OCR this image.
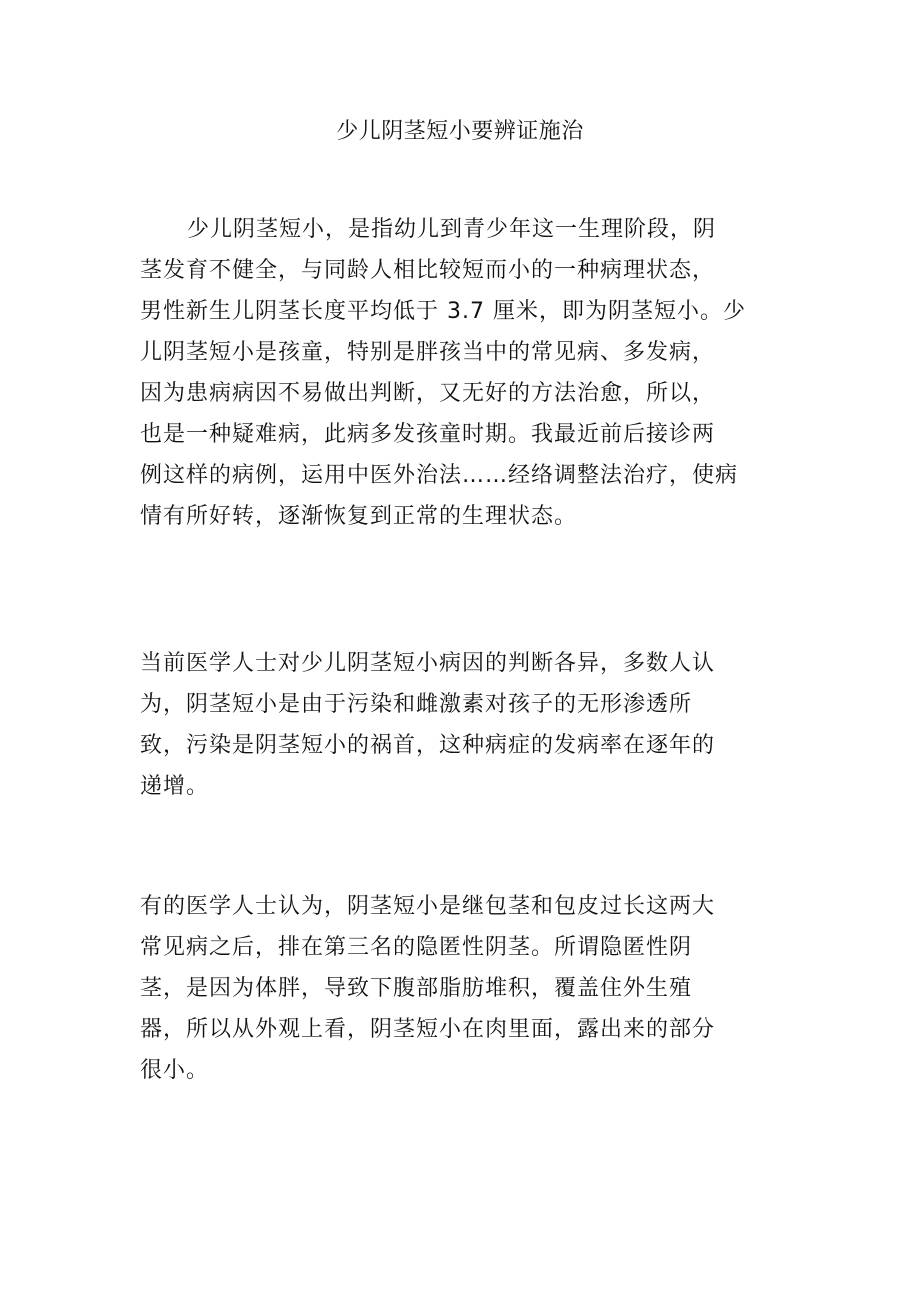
少儿阴茎短小要辨证施治
少儿阴茎短小，是指幼儿到青少年这一生理阶段，阴
茎发育不健全，与同龄人相比较短而小的一种病理状态，
男性新生儿阴茎长度平均低于 3.7 厘米，即为阴茎短小。少
儿阴茎短小是孩童，特别是胖孩当中的常见病、多发病，
因为患病病因不易做出判断，又无好的方法治愈，所以，
也是一种疑难病，此病多发孩童时期。我最近前后接诊两
例这样的病例，运用中医外治法……经络调整法治疗，使病
情有所好转，逐渐恢复到正常的生理状态。
当前医学人士对少儿阴茎短小病因的判断各异，多数人认
为，阴茎短小是由于污染和雌激素对孩子的无形渗透所
致，污染是阴茎短小的祸首，这种病症的发病率在逐年的
递增。
有的医学人士认为，阴茎短小是继包茎和包皮过长这两大
常见病之后，排在第三名的隐匿性阴茎。所谓隐匿性阴
茎，是因为体胖，导致下腹部脂肪堆积，覆盖住外生殖
器，所以从外观上看，阴茎短小在肉里面，露出来的部分
很小。
